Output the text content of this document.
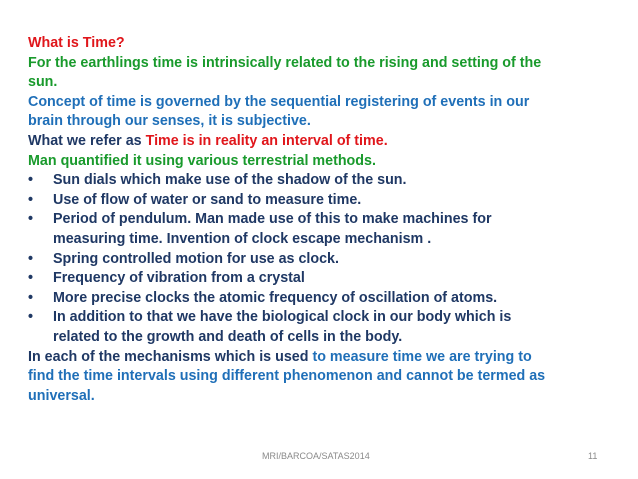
What is Time?
For the earthlings time is intrinsically related to the rising and setting of the
sun.
Concept of time is governed by the sequential registering of events in our
brain through our senses, it is subjective.
What we refer as Time is in reality an interval of time.
Man quantified it using various terrestrial methods.
•	Sun dials which make use of the shadow of the sun.
•	Use of flow of water or sand to measure time.
•	Period of pendulum. Man made use of this to make machines for
measuring time. Invention of clock escape mechanism .
•	Spring controlled motion for use as clock.
•	Frequency of vibration from a crystal
•	More precise clocks the atomic frequency of oscillation of atoms.
•	In addition to that we have the biological clock in our body which is
related to the growth and death of cells in the body.
In each of the mechanisms which is used to measure time we are trying to
find the time intervals using different phenomenon and cannot be termed as
universal.
MRI/BARCOA/SATAS2014	11
